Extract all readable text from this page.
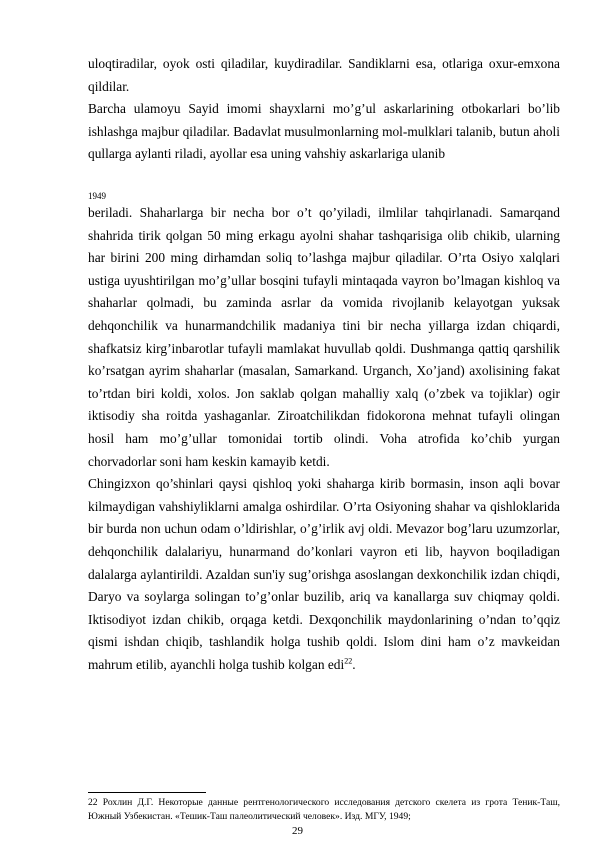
uloqtiradilar, oyok osti qiladilar, kuydiradilar. Sandiklarni esa, otlariga oxur-emxona qildilar.

Barcha ulamoyu Sayid imomi shayxlarni mo’g’ul askarlarining otbokarlari bo’lib ishlashga majbur qiladilar. Badavlat musulmonlarning mol-mulklari talanib, butun aholi qullarga aylanti riladi, ayollar esa uning vahshiy askarlariga ulanib

1949

beriladi. Shaharlarga bir necha bor o’t qo’yiladi, ilmlilar tahqirlanadi. Samarqand shahrida tirik qolgan 50 ming erkagu ayolni shahar tashqarisiga olib chikib, ularning har birini 200 ming dirhamdan soliq to’lashga majbur qiladilar. O’rta Osiyo xalqlari ustiga uyushtirilgan mo’g’ullar bosqini tufayli mintaqada vayron bo’lmagan kishloq va shaharlar qolmadi, bu zaminda asrlar da vomida rivojlanib kelayotgan yuksak dehqonchilik va hunarmandchilik madaniya tini bir necha yillarga izdan chiqardi, shafkatsiz kirg’inbarotlar tufayli mamlakat huvullab qoldi. Dushmanga qattiq qarshilik ko’rsatgan ayrim shaharlar (masalan, Samarkand. Urganch, Xo’jand) axolisining fakat to’rtdan biri koldi, xolos. Jon saklab qolgan mahalliy xalq (o’zbek va tojiklar) ogir iktisodiy sha roitda yashaganlar. Ziroatchilikdan fidokorona mehnat tufayli olingan hosil ham mo’g’ullar tomonidai tortib olindi. Voha atrofida ko’chib yurgan chorvadorlar soni ham keskin kamayib ketdi.

Chingizxon qo’shinlari qaysi qishloq yoki shaharga kirib bormasin, inson aqli bovar kilmaydigan vahshiyliklarni amalga oshirdilar. O’rta Osiyoning shahar va qishloklarida bir burda non uchun odam o’ldirishlar, o’g’irlik avj oldi. Mevazor bog’laru uzumzorlar, dehqonchilik dalalariyu, hunarmand do’konlari vayron eti lib, hayvon boqiladigan dalalarga aylantirildi. Azaldan sun'iy sug’orishga asoslangan dexkonchilik izdan chiqdi, Daryo va soylarga solingan to’g’onlar buzilib, ariq va kanallarga suv chiqmay qoldi. Iktisodiyot izdan chikib, orqaga ketdi. Dexqonchilik maydonlarining o’ndan to’qqiz qismi ishdan chiqib, tashlandik holga tushib qoldi. Islom dini ham o’z mavkeidan mahrum etilib, ayanchli holga tushib kolgan edi$^{22}$.

22 Рохлин Д.Г. Некоторые данные рентгенологического исследования детского скелета из грота Теник-Таш, Южный Узбекистан. «Тешик-Таш палеолитический человек». Изд. МГУ, 1949;
29
